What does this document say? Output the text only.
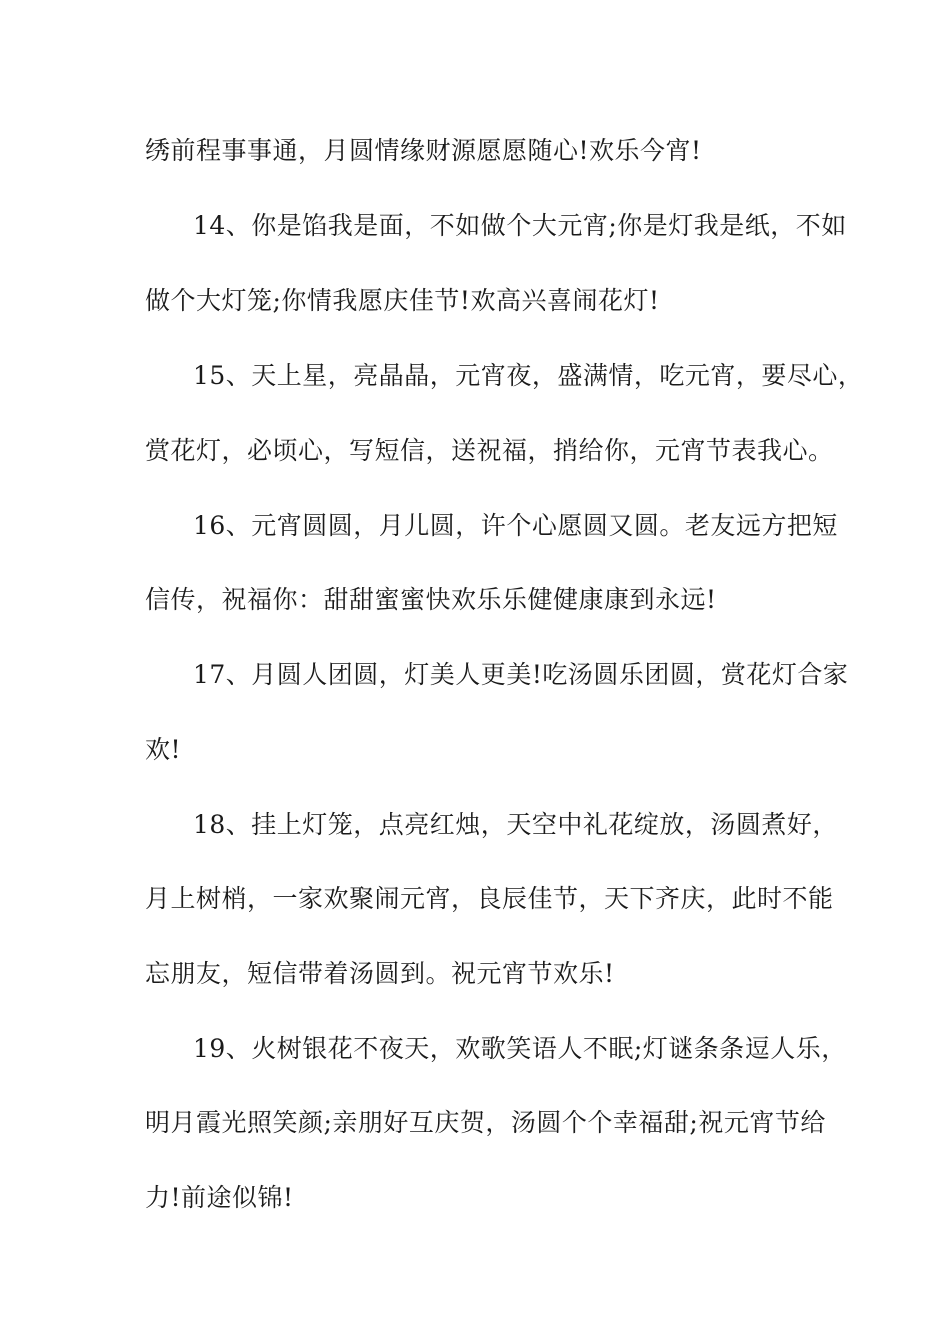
绣前程事事通，月圆情缘财源愿愿随心!欢乐今宵!
14、你是馅我是面，不如做个大元宵;你是灯我是纸，不如
做个大灯笼;你情我愿庆佳节!欢高兴喜闹花灯!
15、天上星，亮晶晶，元宵夜，盛满情，吃元宵，要尽心，
赏花灯，必顷心，写短信，送祝福，捎给你，元宵节表我心。
16、元宵圆圆，月儿圆，许个心愿圆又圆。老友远方把短
信传，祝福你：甜甜蜜蜜快欢乐乐健健康康到永远!
17、月圆人团圆，灯美人更美!吃汤圆乐团圆，赏花灯合家
欢!
18、挂上灯笼，点亮红烛，天空中礼花绽放，汤圆煮好，
月上树梢，一家欢聚闹元宵，良辰佳节，天下齐庆，此时不能
忘朋友，短信带着汤圆到。祝元宵节欢乐!
19、火树银花不夜天，欢歌笑语人不眠;灯谜条条逗人乐，
明月霞光照笑颜;亲朋好互庆贺，汤圆个个幸福甜;祝元宵节给
力!前途似锦!
